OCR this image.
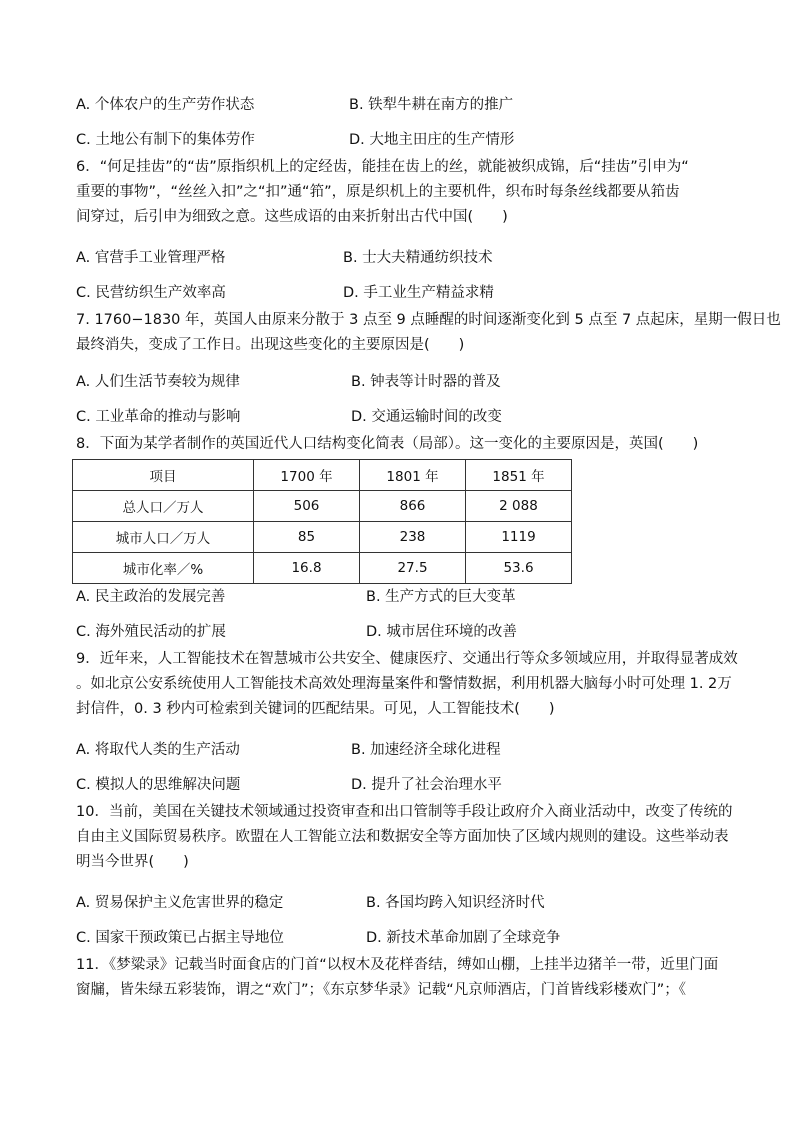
A. 个体农户的生产劳作状态	B. 铁犁牛耕在南方的推广
C. 土地公有制下的集体劳作	D. 大地主田庄的生产情形
6．“何足挂齿”的“齿”原指织机上的定经齿，能挂在齿上的丝，就能被织成锦，后“挂齿”引申为“
重要的事物”，“丝丝入扣”之“扣”通“筘”，原是织机上的主要机件，织布时每条丝线都要从筘齿
间穿过，后引申为细致之意。这些成语的由来折射出古代中国(　　)
A. 官营手工业管理严格	B. 士大夫精通纺织技术
C. 民营纺织生产效率高	D. 手工业生产精益求精
7. 1760−1830 年，英国人由原来分散于 3 点至 9 点睡醒的时间逐渐变化到 5 点至 7 点起床，星期一假日也
最终消失，变成了工作日。出现这些变化的主要原因是(　　)
A. 人们生活节奏较为规律	B. 钟表等计时器的普及
C. 工业革命的推动与影响	D. 交通运输时间的改变
8．下面为某学者制作的英国近代人口结构变化简表（局部）。这一变化的主要原因是，英国(　　)
项目	1700 年	1801 年	1851 年
总人口／万人	506	866	2 088
城市人口／万人	85	238	1119
城市化率／%	16.8	27.5	53.6
A. 民主政治的发展完善	B. 生产方式的巨大变革
C. 海外殖民活动的扩展	D. 城市居住环境的改善
9．近年来，人工智能技术在智慧城市公共安全、健康医疗、交通出行等众多领域应用，并取得显著成效
。如北京公安系统使用人工智能技术高效处理海量案件和警情数据，利用机器大脑每小时可处理 1. 2万
封信件，0. 3 秒内可检索到关键词的匹配结果。可见，人工智能技术(　　)
A. 将取代人类的生产活动	B. 加速经济全球化进程
C. 模拟人的思维解决问题	D. 提升了社会治理水平
10．当前，美国在关键技术领域通过投资审查和出口管制等手段让政府介入商业活动中，改变了传统的
自由主义国际贸易秩序。欧盟在人工智能立法和数据安全等方面加快了区域内规则的建设。这些举动表
明当今世界(　　)
A. 贸易保护主义危害世界的稳定	B. 各国均跨入知识经济时代
C. 国家干预政策已占据主导地位	D. 新技术革命加剧了全球竞争
11．《梦粱录》记载当时面食店的门首“以杈木及花样沓结，缚如山棚，上挂半边猪羊一带，近里门面
窗牖，皆朱绿五彩装饰，谓之“欢门”；《东京梦华录》记载“凡京师酒店，门首皆线彩楼欢门”；《
